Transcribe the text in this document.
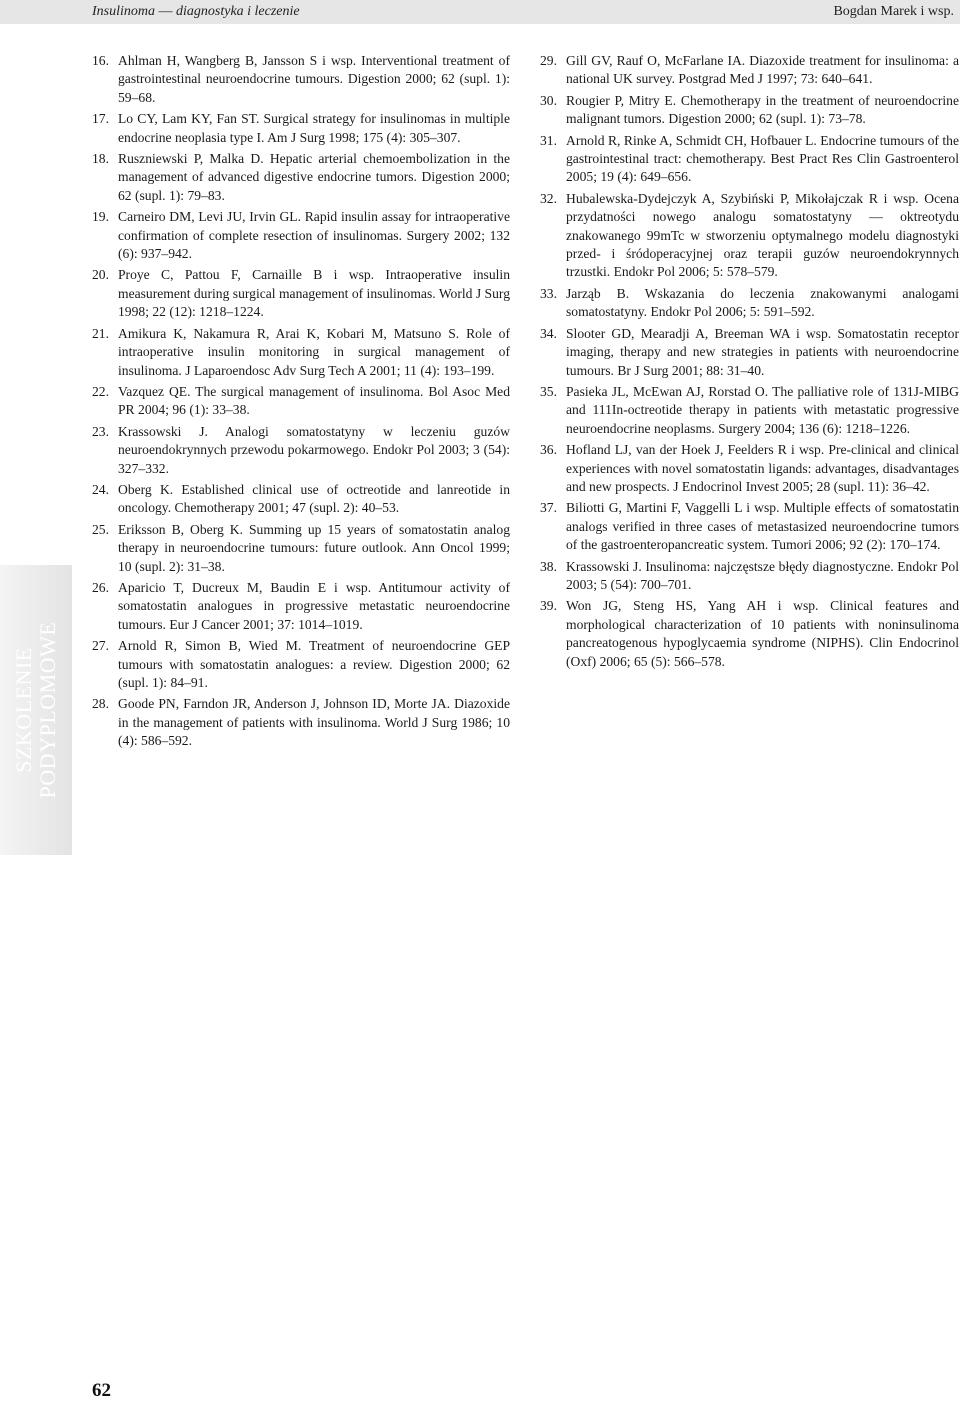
Insulinoma — diagnostyka i leczenie	Bogdan Marek i wsp.
SZKOLENIE PODYPLOMOWE
16. Ahlman H, Wangberg B, Jansson S i wsp. Interventional treatment of gastrointestinal neuroendocrine tumours. Digestion 2000; 62 (supl. 1): 59–68.
17. Lo CY, Lam KY, Fan ST. Surgical strategy for insulinomas in multiple endocrine neoplasia type I. Am J Surg 1998; 175 (4): 305–307.
18. Ruszniewski P, Malka D. Hepatic arterial chemoembolization in the management of advanced digestive endocrine tumors. Digestion 2000; 62 (supl. 1): 79–83.
19. Carneiro DM, Levi JU, Irvin GL. Rapid insulin assay for intraoperative confirmation of complete resection of insulinomas. Surgery 2002; 132 (6): 937–942.
20. Proye C, Pattou F, Carnaille B i wsp. Intraoperative insulin measurement during surgical management of insulinomas. World J Surg 1998; 22 (12): 1218–1224.
21. Amikura K, Nakamura R, Arai K, Kobari M, Matsuno S. Role of intraoperative insulin monitoring in surgical management of insulinoma. J Laparoendosc Adv Surg Tech A 2001; 11 (4): 193–199.
22. Vazquez QE. The surgical management of insulinoma. Bol Asoc Med PR 2004; 96 (1): 33–38.
23. Krassowski J. Analogi somatostatyny w leczeniu guzów neuroendokrynnych przewodu pokarmowego. Endokr Pol 2003; 3 (54): 327–332.
24. Oberg K. Established clinical use of octreotide and lanreotide in oncology. Chemotherapy 2001; 47 (supl. 2): 40–53.
25. Eriksson B, Oberg K. Summing up 15 years of somatostatin analog therapy in neuroendocrine tumours: future outlook. Ann Oncol 1999; 10 (supl. 2): 31–38.
26. Aparicio T, Ducreux M, Baudin E i wsp. Antitumour activity of somatostatin analogues in progressive metastatic neuroendocrine tumours. Eur J Cancer 2001; 37: 1014–1019.
27. Arnold R, Simon B, Wied M. Treatment of neuroendocrine GEP tumours with somatostatin analogues: a review. Digestion 2000; 62 (supl. 1): 84–91.
28. Goode PN, Farndon JR, Anderson J, Johnson ID, Morte JA. Diazoxide in the management of patients with insulinoma. World J Surg 1986; 10 (4): 586–592.
29. Gill GV, Rauf O, McFarlane IA. Diazoxide treatment for insulinoma: a national UK survey. Postgrad Med J 1997; 73: 640–641.
30. Rougier P, Mitry E. Chemotherapy in the treatment of neuroendocrine malignant tumors. Digestion 2000; 62 (supl. 1): 73–78.
31. Arnold R, Rinke A, Schmidt CH, Hofbauer L. Endocrine tumours of the gastrointestinal tract: chemotherapy. Best Pract Res Clin Gastroenterol 2005; 19 (4): 649–656.
32. Hubalewska-Dydejczyk A, Szybiński P, Mikołajczak R i wsp. Ocena przydatności nowego analogu somatostatyny — oktreotydu znakowanego 99mTc w stworzeniu optymalnego modelu diagnostyki przed- i śródoperacyjnej oraz terapii guzów neuroendokrynnych trzustki. Endokr Pol 2006; 5: 578–579.
33. Jarząb B. Wskazania do leczenia znakowanymi analogami somatostatyny. Endokr Pol 2006; 5: 591–592.
34. Slooter GD, Mearadji A, Breeman WA i wsp. Somatostatin receptor imaging, therapy and new strategies in patients with neuroendocrine tumours. Br J Surg 2001; 88: 31–40.
35. Pasieka JL, McEwan AJ, Rorstad O. The palliative role of 131J-MIBG and 111In-octreotide therapy in patients with metastatic progressive neuroendocrine neoplasms. Surgery 2004; 136 (6): 1218–1226.
36. Hofland LJ, van der Hoek J, Feelders R i wsp. Pre-clinical and clinical experiences with novel somatostatin ligands: advantages, disadvantages and new prospects. J Endocrinol Invest 2005; 28 (supl. 11): 36–42.
37. Biliotti G, Martini F, Vaggelli L i wsp. Multiple effects of somatostatin analogs verified in three cases of metastasized neuroendocrine tumors of the gastroenteropancreatic system. Tumori 2006; 92 (2): 170–174.
38. Krassowski J. Insulinoma: najczęstsze błędy diagnostyczne. Endokr Pol 2003; 5 (54): 700–701.
39. Won JG, Steng HS, Yang AH i wsp. Clinical features and morphological characterization of 10 patients with noninsulinoma pancreatogenous hypoglycaemia syndrome (NIPHS). Clin Endocrinol (Oxf) 2006; 65 (5): 566–578.
62
